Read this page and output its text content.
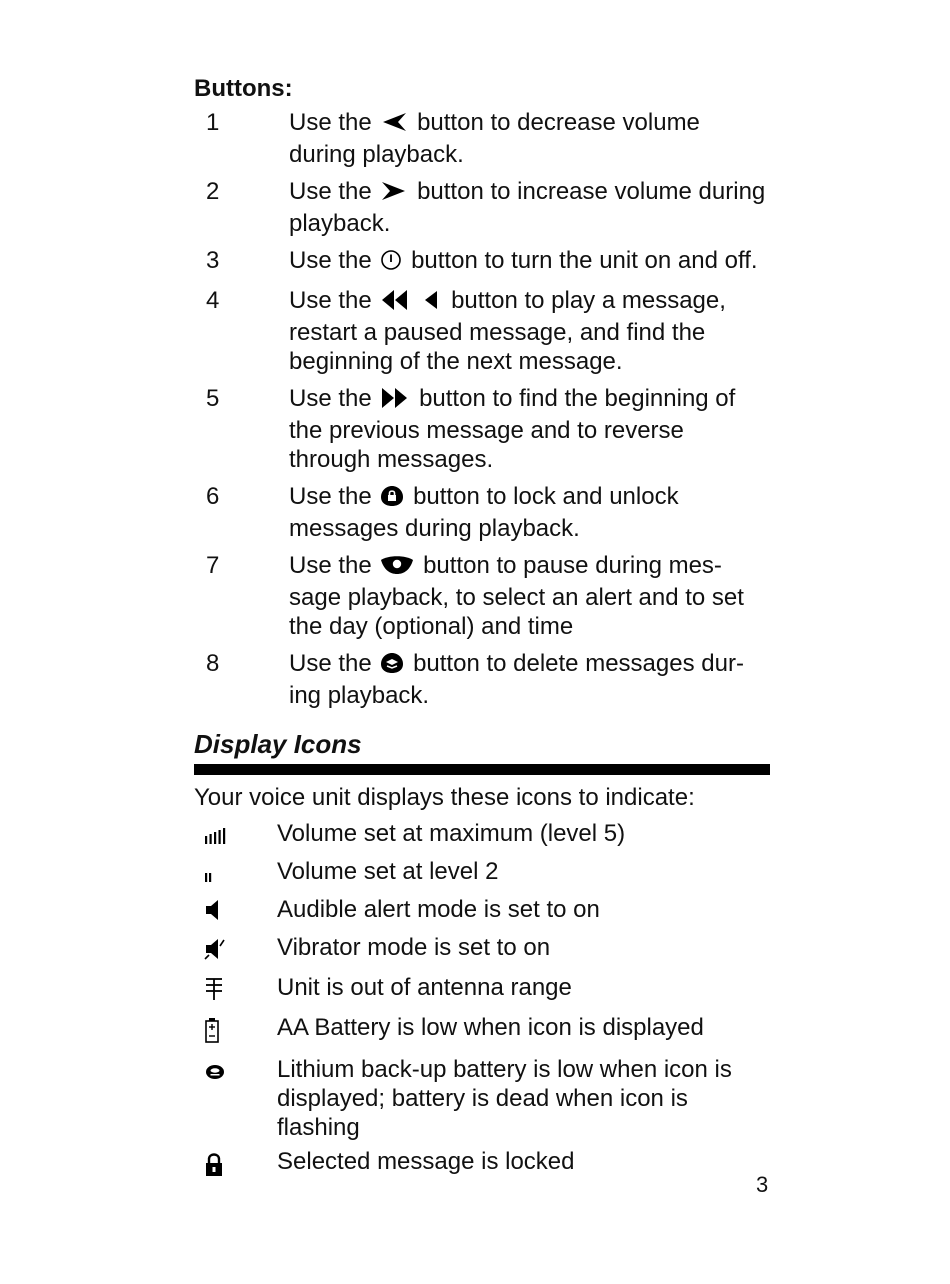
Buttons:
1	Use the button to decrease volume during playback.
2	Use the button to increase volume during playback.
3	Use the button to turn the unit on and off.
4	Use the	button to play a message, restart a paused message, and find the beginning of the next message.
5	Use the button to find the beginning of the previous message and to reverse through messages.
6	Use the button to lock and unlock messages during playback.
7	Use the button to pause during mes-sage playback, to select an alert and to set the day (optional) and time
8	Use the button to delete messages dur-ing playback.
Display Icons
Your voice unit displays these icons to indicate:
Volume set at maximum (level 5)
Volume set at level 2
Audible alert mode is set to on
Vibrator mode is set to on
Unit is out of antenna range
AA Battery is low when icon is displayed
Lithium back-up battery is low when icon is displayed; battery is dead when icon is flashing
Selected message is locked
3
